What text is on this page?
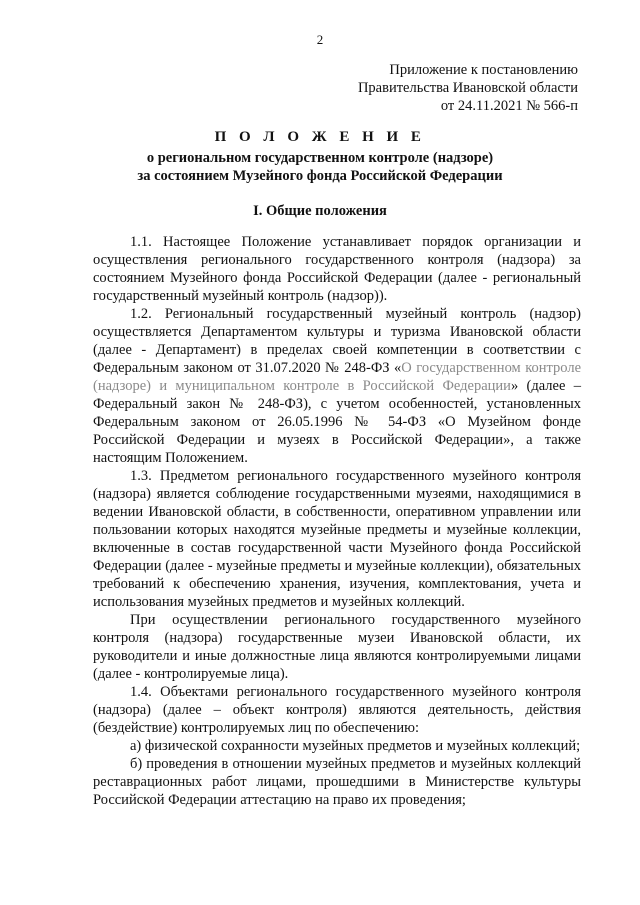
2
Приложение к постановлению
Правительства Ивановской области
от 24.11.2021 № 566-п
П О Л О Ж Е Н И Е
о региональном государственном контроле (надзоре)
за состоянием Музейного фонда Российской Федерации
I. Общие положения

1.1. Настоящее Положение устанавливает порядок организации и осуществления регионального государственного контроля (надзора) за состоянием Музейного фонда Российской Федерации (далее - региональный государственный музейный контроль (надзор)).

1.2. Региональный государственный музейный контроль (надзор) осуществляется Департаментом культуры и туризма Ивановской области (далее - Департамент) в пределах своей компетенции в соответствии с Федеральным законом от 31.07.2020 № 248-ФЗ «О государственном контроле (надзоре) и муниципальном контроле в Российской Федерации» (далее – Федеральный закон № 248-ФЗ), с учетом особенностей, установленных Федеральным законом от 26.05.1996 № 54-ФЗ «О Музейном фонде Российской Федерации и музеях в Российской Федерации», а также настоящим Положением.

1.3. Предметом регионального государственного музейного контроля (надзора) является соблюдение государственными музеями, находящимися в ведении Ивановской области, в собственности, оперативном управлении или пользовании которых находятся музейные предметы и музейные коллекции, включенные в состав государственной части Музейного фонда Российской Федерации (далее - музейные предметы и музейные коллекции), обязательных требований к обеспечению хранения, изучения, комплектования, учета и использования музейных предметов и музейных коллекций.

При осуществлении регионального государственного музейного контроля (надзора) государственные музеи Ивановской области, их руководители и иные должностные лица являются контролируемыми лицами (далее - контролируемые лица).

1.4. Объектами регионального государственного музейного контроля (надзора) (далее – объект контроля) являются деятельность, действия (бездействие) контролируемых лиц по обеспечению:

а) физической сохранности музейных предметов и музейных коллекций;

б) проведения в отношении музейных предметов и музейных коллекций реставрационных работ лицами, прошедшими в Министерстве культуры Российской Федерации аттестацию на право их проведения;
